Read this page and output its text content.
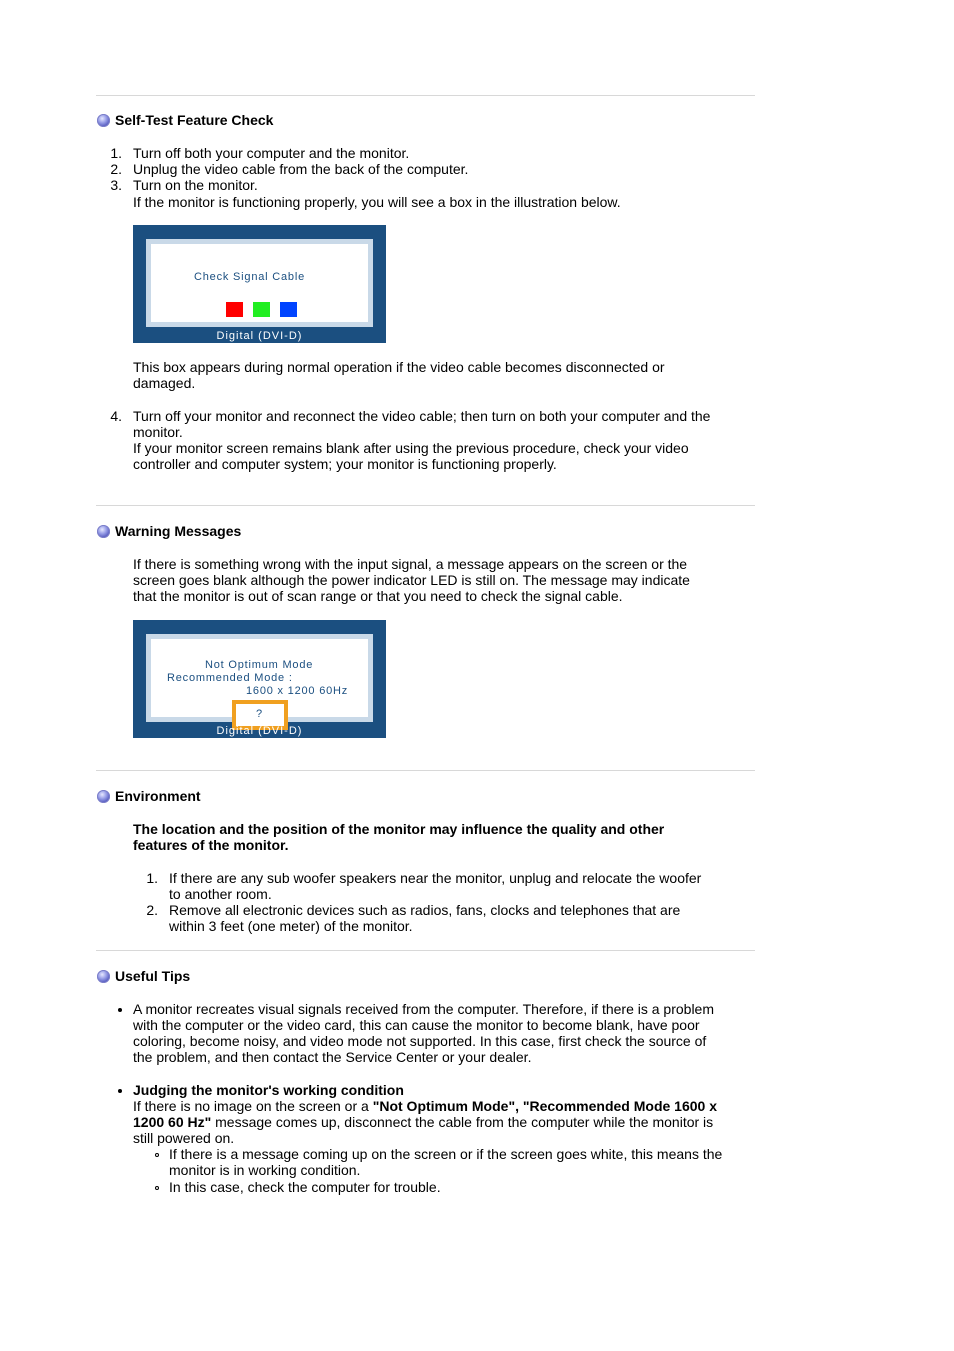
Self-Test Feature Check
1. Turn off both your computer and the monitor.
2. Unplug the video cable from the back of the computer.
3. Turn on the monitor.
If the monitor is functioning properly, you will see a box in the illustration below.
Check Signal Cable
Digital (DVI-D)
This box appears during normal operation if the video cable becomes disconnected or
damaged.
4. Turn off your monitor and reconnect the video cable; then turn on both your computer and the
monitor.
If your monitor screen remains blank after using the previous procedure, check your video
controller and computer system; your monitor is functioning properly.
Warning Messages
If there is something wrong with the input signal, a message appears on the screen or the
screen goes blank although the power indicator LED is still on. The message may indicate
that the monitor is out of scan range or that you need to check the signal cable.
Not Optimum Mode
Recommended Mode :
1600 x 1200 60Hz
?
Digital (DVI-D)
Environment
The location and the position of the monitor may influence the quality and other
features of the monitor.
1. If there are any sub woofer speakers near the monitor, unplug and relocate the woofer
to another room.
2. Remove all electronic devices such as radios, fans, clocks and telephones that are
within 3 feet (one meter) of the monitor.
Useful Tips
A monitor recreates visual signals received from the computer. Therefore, if there is a problem
with the computer or the video card, this can cause the monitor to become blank, have poor
coloring, become noisy, and video mode not supported. In this case, first check the source of
the problem, and then contact the Service Center or your dealer.
Judging the monitor's working condition
If there is no image on the screen or a "Not Optimum Mode", "Recommended Mode 1600 x
1200 60 Hz" message comes up, disconnect the cable from the computer while the monitor is
still powered on.
If there is a message coming up on the screen or if the screen goes white, this means the
monitor is in working condition.
In this case, check the computer for trouble.
